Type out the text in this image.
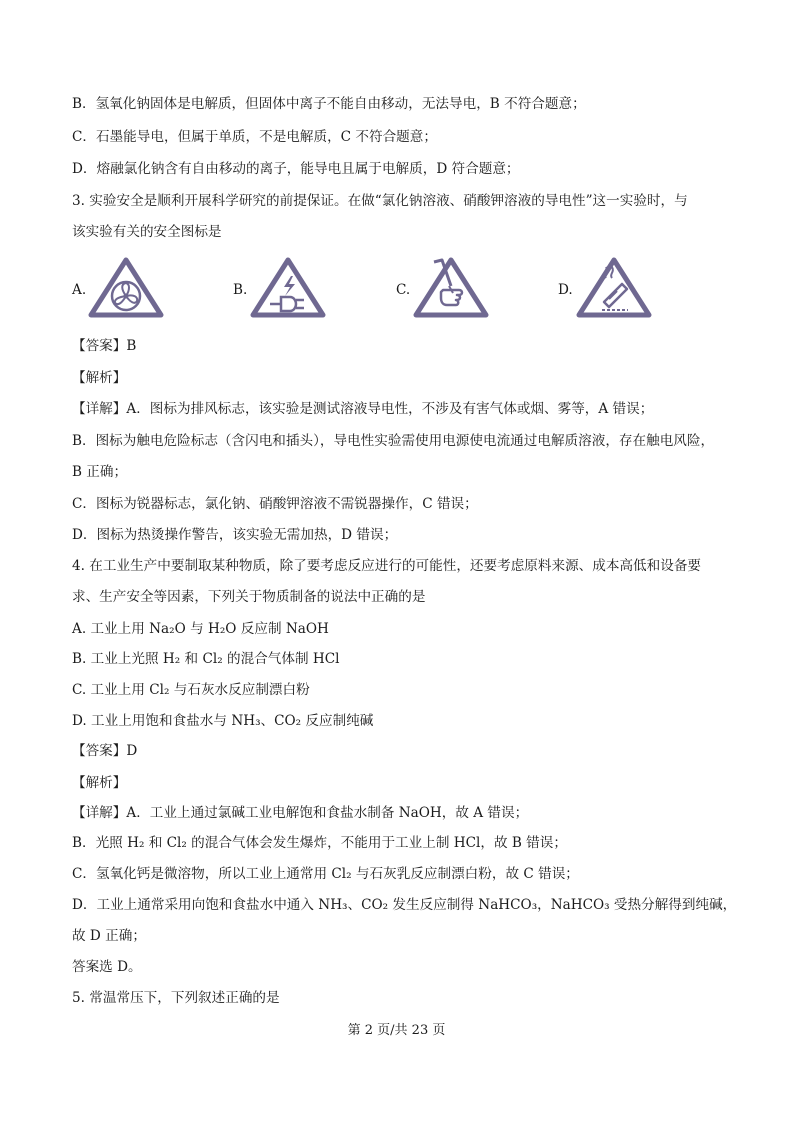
B．氢氧化钠固体是电解质，但固体中离子不能自由移动，无法导电，B 不符合题意；
C．石墨能导电，但属于单质，不是电解质，C 不符合题意；
D．熔融氯化钠含有自由移动的离子，能导电且属于电解质，D 符合题意；
3. 实验安全是顺利开展科学研究的前提保证。在做“氯化钠溶液、硝酸钾溶液的导电性”这一实验时，与
该实验有关的安全图标是
A.	B.	C.	D.
【答案】B
【解析】
【详解】A．图标为排风标志，该实验是测试溶液导电性，不涉及有害气体或烟、雾等，A 错误；
B．图标为触电危险标志（含闪电和插头），导电性实验需使用电源使电流通过电解质溶液，存在触电风险，
B 正确；
C．图标为锐器标志，氯化钠、硝酸钾溶液不需锐器操作，C 错误；
D．图标为热烫操作警告，该实验无需加热，D 错误；
4. 在工业生产中要制取某种物质，除了要考虑反应进行的可能性，还要考虑原料来源、成本高低和设备要
求、生产安全等因素，下列关于物质制备的说法中正确的是
A. 工业上用 Na₂O 与 H₂O 反应制 NaOH
B. 工业上光照 H₂ 和 Cl₂ 的混合气体制 HCl
C. 工业上用 Cl₂ 与石灰水反应制漂白粉
D. 工业上用饱和食盐水与 NH₃、CO₂ 反应制纯碱
【答案】D
【解析】
【详解】A．工业上通过氯碱工业电解饱和食盐水制备 NaOH，故 A 错误；
B．光照 H₂ 和 Cl₂ 的混合气体会发生爆炸，不能用于工业上制 HCl，故 B 错误；
C．氢氧化钙是微溶物，所以工业上通常用 Cl₂ 与石灰乳反应制漂白粉，故 C 错误；
D．工业上通常采用向饱和食盐水中通入 NH₃、CO₂ 发生反应制得 NaHCO₃，NaHCO₃ 受热分解得到纯碱，
故 D 正确；
答案选 D。
5. 常温常压下，下列叙述正确的是
第 2 页/共 23 页
